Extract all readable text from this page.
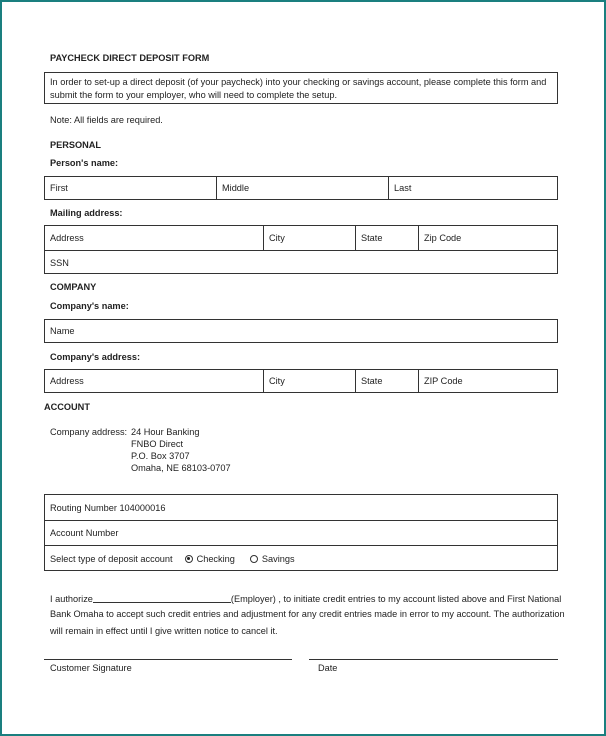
PAYCHECK DIRECT DEPOSIT FORM
In order to set-up a direct deposit (of your paycheck) into your checking or savings account, please complete this form and submit the form to your employer, who will need to complete the setup.
Note: All fields are required.
PERSONAL
Person's name:
First	Middle	Last
Mailing address:
Address	City	State	Zip Code
SSN
COMPANY
Company's name:
Name
Company's address:
Address	City	State	ZIP Code
ACCOUNT
Company address: 24 Hour Banking
FNBO Direct
P.O. Box 3707
Omaha, NE 68103-0707
Routing Number 104000016
Account Number
Select type of deposit account	Checking	Savings
I authorize	(Employer) , to initiate credit entries to my account listed above and First National
Bank Omaha to accept such credit entries and adjustment for any credit entries made in error to my account. The authorization
will remain in effect until I give written notice to cancel it.
Customer Signature	Date
